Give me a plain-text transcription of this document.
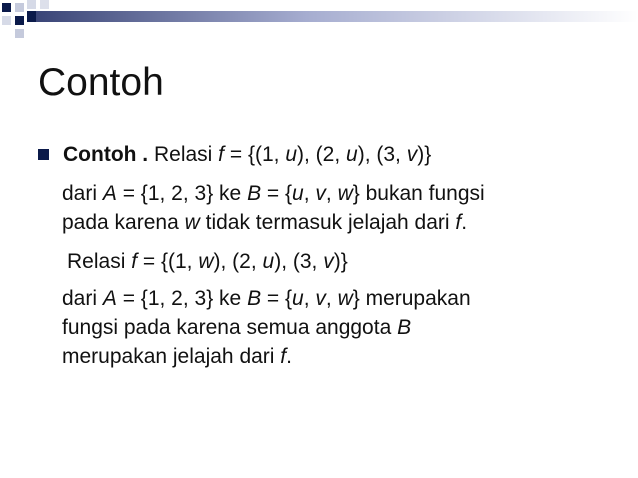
Contoh
Contoh . Relasi f = {(1, u), (2, u), (3, v)}
dari A = {1, 2, 3} ke B = {u, v, w} bukan fungsi
pada karena w tidak termasuk jelajah dari f.
Relasi f = {(1, w), (2, u), (3, v)}
dari A = {1, 2, 3} ke B = {u, v, w} merupakan
fungsi pada karena semua anggota B
merupakan jelajah dari f.
